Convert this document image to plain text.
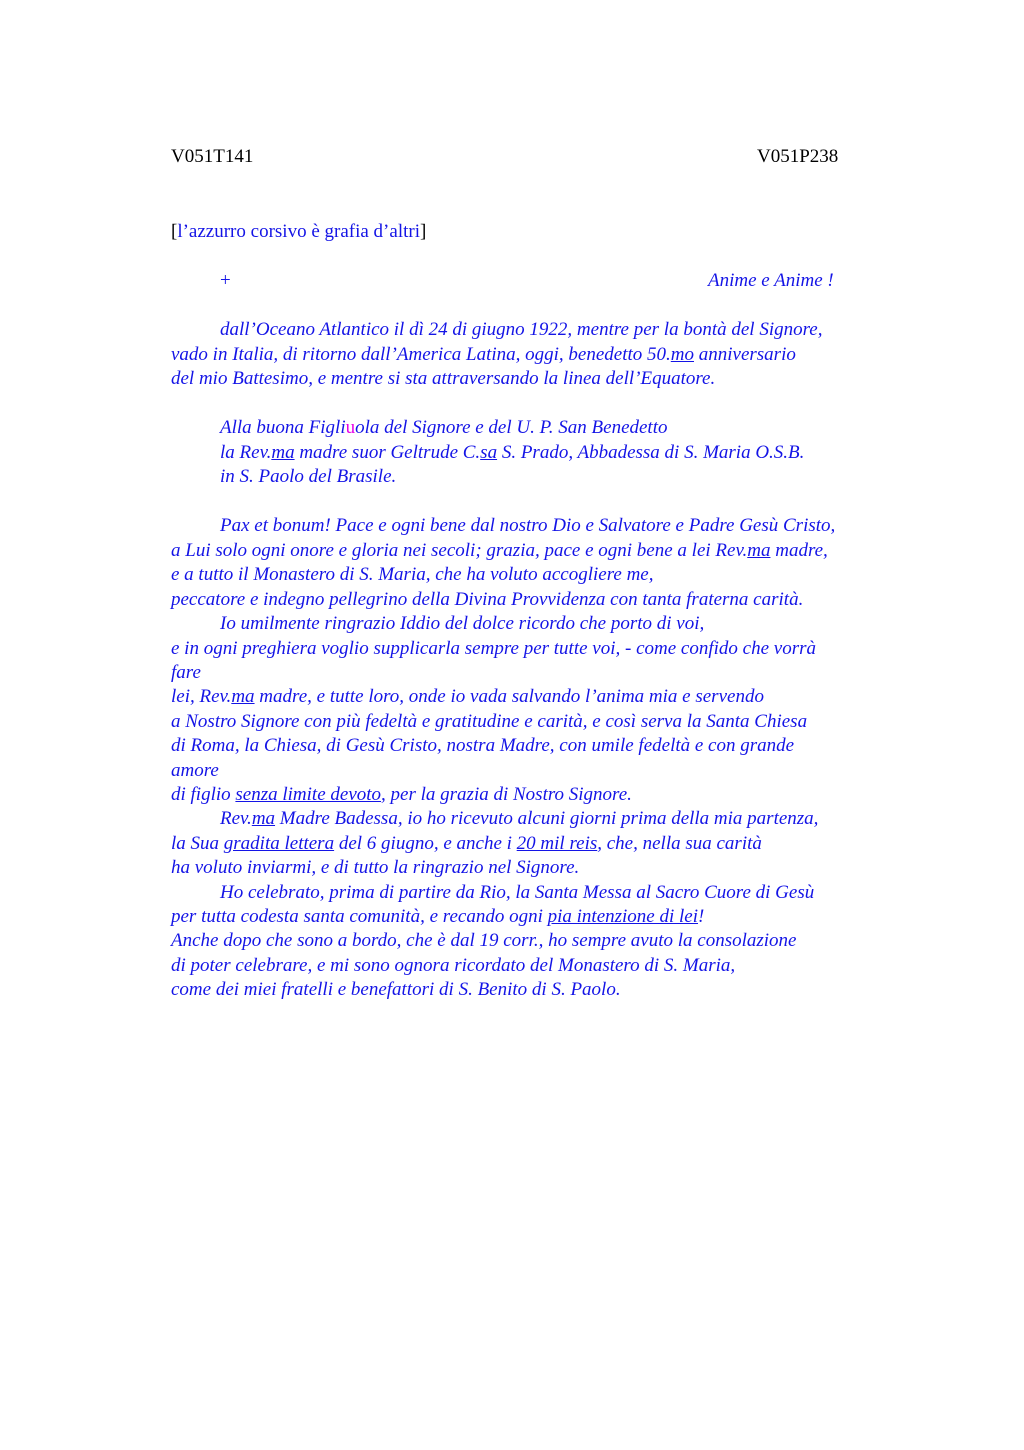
V051T141	V051P238
[l’azzurro corsivo è grafia d’altri]
+	Anime e Anime !
dall’Oceano Atlantico il dì 24 di giugno 1922, mentre per la bontà del Signore,
vado in Italia, di ritorno dall’America Latina, oggi, benedetto 50.mo anniversario
del mio Battesimo, e mentre si sta attraversando la linea dell’Equatore.
Alla buona Figliuola del Signore e del U. P. San Benedetto
la Rev.ma madre suor Geltrude C.sa S. Prado, Abbadessa di S. Maria O.S.B.
in S. Paolo del Brasile.
Pax et bonum! Pace e ogni bene dal nostro Dio e Salvatore e Padre Gesù Cristo,
a Lui solo ogni onore e gloria nei secoli; grazia, pace e ogni bene a lei Rev.ma madre,
e a tutto il Monastero di S. Maria, che ha voluto accogliere me,
peccatore e indegno pellegrino della Divina Provvidenza con tanta fraterna carità.
Io umilmente ringrazio Iddio del dolce ricordo che porto di voi,
e in ogni preghiera voglio supplicarla sempre per tutte voi, - come confido che vorrà
fare
lei, Rev.ma madre, e tutte loro, onde io vada salvando l’anima mia e servendo
a Nostro Signore con più fedeltà e gratitudine e carità, e così serva la Santa Chiesa
di Roma, la Chiesa, di Gesù Cristo, nostra Madre, con umile fedeltà e con grande
amore
di figlio senza limite devoto, per la grazia di Nostro Signore.
Rev.ma Madre Badessa, io ho ricevuto alcuni giorni prima della mia partenza,
la Sua gradita lettera del 6 giugno, e anche i 20 mil reis, che, nella sua carità
ha voluto inviarmi, e di tutto la ringrazio nel Signore.
Ho celebrato, prima di partire da Rio, la Santa Messa al Sacro Cuore di Gesù
per tutta codesta santa comunità, e recando ogni pia intenzione di lei!
Anche dopo che sono a bordo, che è dal 19 corr., ho sempre avuto la consolazione
di poter celebrare, e mi sono ognora ricordato del Monastero di S. Maria,
come dei miei fratelli e benefattori di S. Benito di S. Paolo.
